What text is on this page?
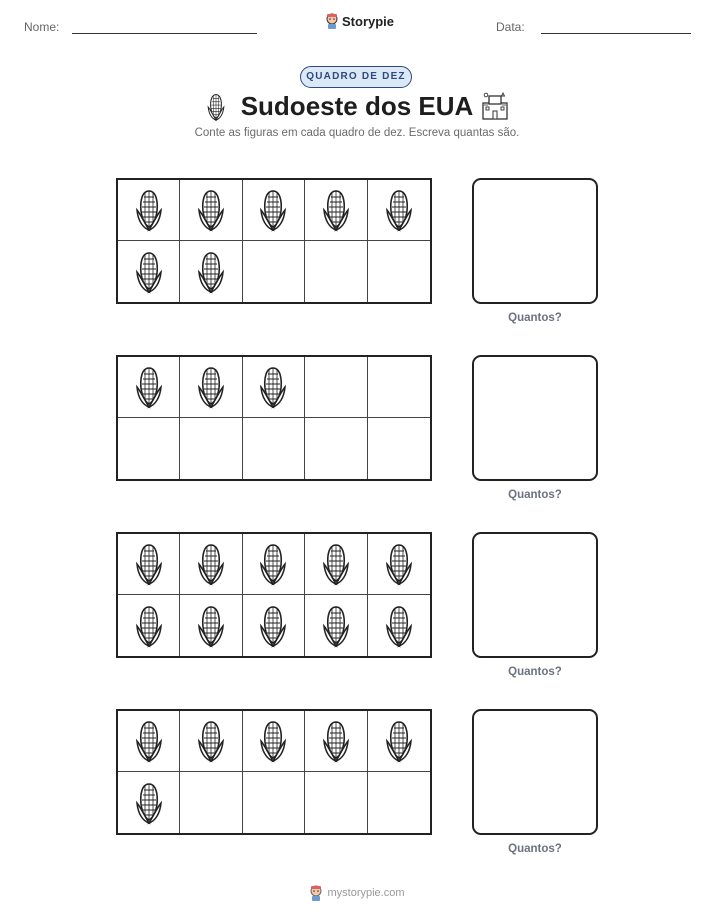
Nome:	Storypie	Data:
QUADRO DE DEZ
Sudoeste dos EUA
Conte as figuras em cada quadro de dez. Escreva quantas são.
Quantos?
Quantos?
Quantos?
Quantos?
mystorypie.com
